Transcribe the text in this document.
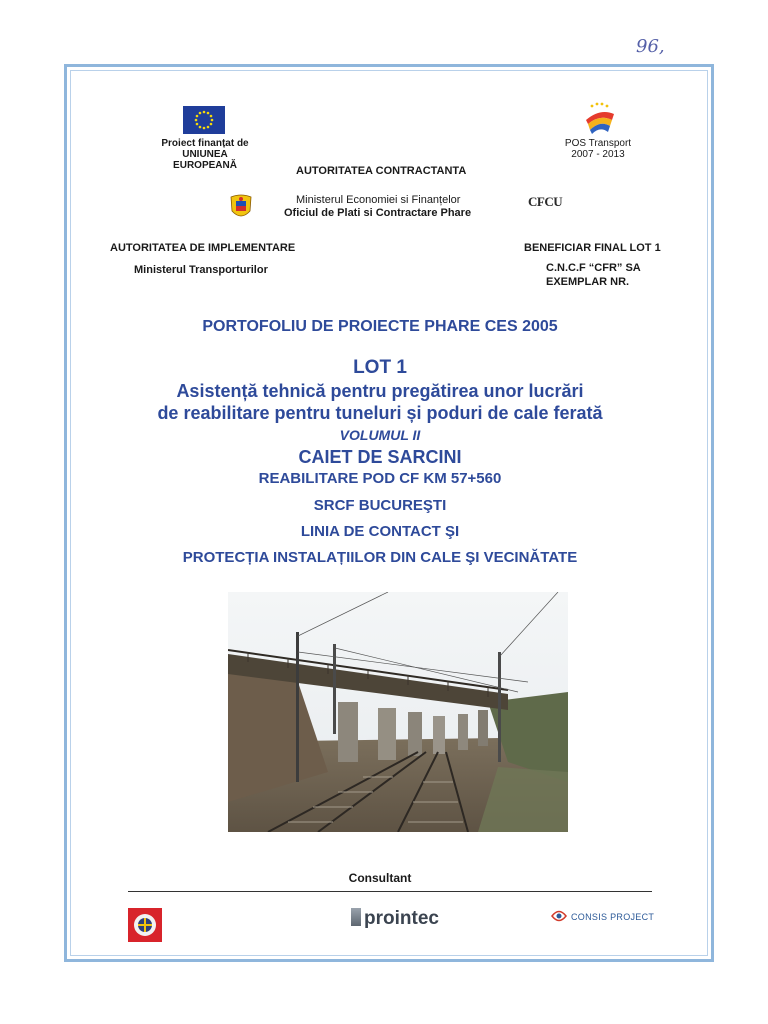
96,
Proiect finanțat de
UNIUNEA EUROPEANĂ
POS Transport
2007 - 2013
AUTORITATEA CONTRACTANTA
Ministerul Economiei si Finanțelor
Oficiul de Plati si Contractare Phare
CFCU
AUTORITATEA DE IMPLEMENTARE
Ministerul Transporturilor
BENEFICIAR FINAL LOT 1
C.N.C.F “CFR” SA
EXEMPLAR NR.
PORTOFOLIU DE PROIECTE PHARE CES 2005
LOT 1
Asistență tehnică pentru pregătirea unor lucrări
de reabilitare pentru tuneluri și poduri de cale ferată
VOLUMUL II
CAIET DE SARCINI
REABILITARE POD CF KM 57+560
SRCF BUCUREŞTI
LINIA DE CONTACT ŞI
PROTECȚIA INSTALAȚIILOR DIN CALE ŞI VECINĂTATE
Consultant
prointec	CONSIS PROJECT
